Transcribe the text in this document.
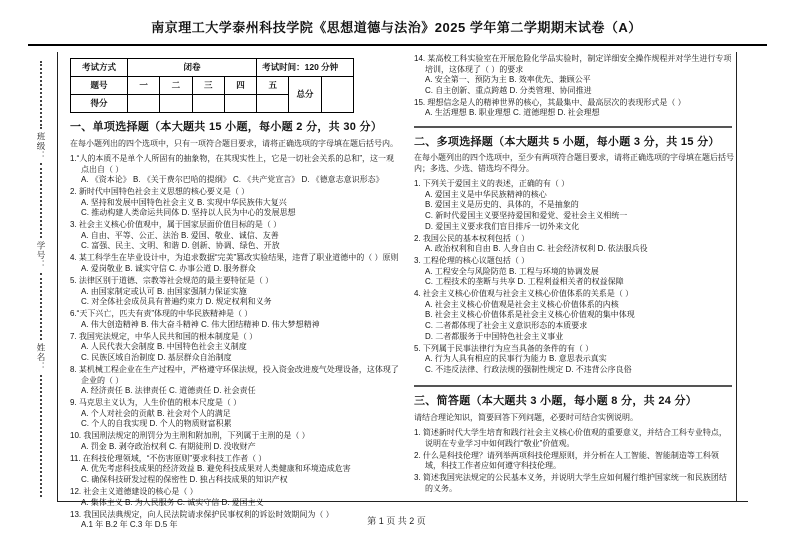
南京理工大学泰州科技学院《思想道德与法治》2025 学年第二学期期末试卷（A）
班级：
学号：
姓名：
考试方式	闭卷				考试时间：120 分钟		
题号	一	二	三	四	五	总分	
得分							
一、单项选择题（本大题共 15 小题，每小题 2 分，共 30 分）
在每小题列出的四个选项中，只有一项符合题目要求，请将正确选项的字母填在题后括号内。
1.“人的本质不是单个人所固有的抽象物，在其现实性上，它是一切社会关系的总和”，这一观点出自（ ）
A. 《资本论》 B. 《关于费尔巴哈的提纲》 C. 《共产党宣言》 D. 《德意志意识形态》
2. 新时代中国特色社会主义思想的核心要义是（ ）
A. 坚持和发展中国特色社会主义 B. 实现中华民族伟大复兴
C. 推动构建人类命运共同体 D. 坚持以人民为中心的发展思想
3. 社会主义核心价值观中，属于国家层面价值目标的是（ ）
A. 自由、平等、公正、法治 B. 爱国、敬业、诚信、友善
C. 富强、民主、文明、和谐 D. 创新、协调、绿色、开放
4. 某工科学生在毕业设计中，为追求数据“完美”篡改实验结果，违背了职业道德中的（ ）原则
A. 爱岗敬业 B. 诚实守信 C. 办事公道 D. 服务群众
5. 法律区别于道德、宗教等社会规范的最主要特征是（ ）
A. 由国家制定或认可 B. 由国家强制力保证实施
C. 对全体社会成员具有普遍约束力 D. 规定权利和义务
6.“天下兴亡，匹夫有责”体现的中华民族精神是（ ）
A. 伟大创造精神 B. 伟大奋斗精神 C. 伟大团结精神 D. 伟大梦想精神
7. 我国宪法规定，中华人民共和国的根本制度是（ ）
A. 人民代表大会制度 B. 中国特色社会主义制度
C. 民族区域自治制度 D. 基层群众自治制度
8. 某机械工程企业在生产过程中，严格遵守环保法规，投入资金改进废气处理设备，这体现了企业的（ ）
A. 经济责任 B. 法律责任 C. 道德责任 D. 社会责任
9. 马克思主义认为，人生价值的根本尺度是（ ）
A. 个人对社会的贡献 B. 社会对个人的满足
C. 个人的自我实现 D. 个人的物质财富积累
10. 我国刑法规定的刑罚分为主刑和附加刑，下列属于主刑的是（ ）
A. 罚金 B. 剥夺政治权利 C. 有期徒刑 D. 没收财产
11. 在科技伦理领域，“不伤害原则”要求科技工作者（ ）
A. 优先考虑科技成果的经济效益 B. 避免科技成果对人类健康和环境造成危害
C. 确保科技研发过程的保密性 D. 独占科技成果的知识产权
12. 社会主义道德建设的核心是（ ）
A. 集体主义 B. 为人民服务 C. 诚实守信 D. 爱国主义
13. 我国民法典规定，向人民法院请求保护民事权利的诉讼时效期间为（ ）
A.1 年 B.2 年 C.3 年 D.5 年
14. 某高校工科实验室在开展危险化学品实验时，制定详细安全操作规程并对学生进行专项培训，这体现了（ ）的要求
A. 安全第一、预防为主 B. 效率优先、兼顾公平
C. 自主创新、重点跨越 D. 分类管理、协同推进
15. 理想信念是人的精神世界的核心，其最集中、最高层次的表现形式是（ ）
A. 生活理想 B. 职业理想 C. 道德理想 D. 社会理想
二、多项选择题（本大题共 5 小题，每小题 3 分，共 15 分）
在每小题列出的四个选项中，至少有两项符合题目要求，请将正确选项的字母填在题后括号内；多选、少选、错选均不得分。
1. 下列关于爱国主义的表述，正确的有（ ）
A. 爱国主义是中华民族精神的核心
B. 爱国主义是历史的、具体的，不是抽象的
C. 新时代爱国主义要坚持爱国和爱党、爱社会主义相统一
D. 爱国主义要求我们盲目排斥一切外来文化
2. 我国公民的基本权利包括（ ）
A. 政治权利和自由 B. 人身自由 C. 社会经济权利 D. 依法服兵役
3. 工程伦理的核心议题包括（ ）
A. 工程安全与风险防范 B. 工程与环境的协调发展
C. 工程技术的垄断与共享 D. 工程利益相关者的权益保障
4. 社会主义核心价值观与社会主义核心价值体系的关系是（ ）
A. 社会主义核心价值观是社会主义核心价值体系的内核
B. 社会主义核心价值体系是社会主义核心价值观的集中体现
C. 二者都体现了社会主义意识形态的本质要求
D. 二者都服务于中国特色社会主义事业
5. 下列属于民事法律行为应当具备的条件的有（ ）
A. 行为人具有相应的民事行为能力 B. 意思表示真实
C. 不违反法律、行政法规的强制性规定 D. 不违背公序良俗
三、简答题（本大题共 3 小题，每小题 8 分，共 24 分）
请结合理论知识，简要回答下列问题，必要时可结合实例说明。
1. 简述新时代大学生培育和践行社会主义核心价值观的重要意义，并结合工科专业特点，说明在专业学习中如何践行“敬业”价值观。
2. 什么是科技伦理？请列举两项科技伦理原则，并分析在人工智能、智能制造等工科领域，科技工作者应如何遵守科技伦理。
3. 简述我国宪法规定的公民基本义务，并说明大学生应如何履行维护国家统一和民族团结的义务。
第 1 页 共 2 页
